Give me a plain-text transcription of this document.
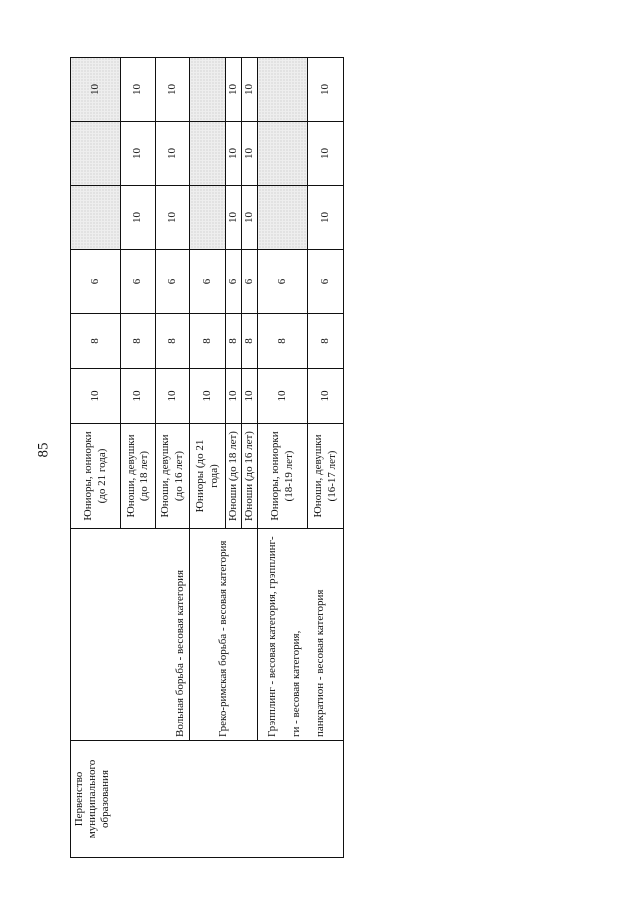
85
Первенство муниципального образования	Вольная борьба - весовая категория	Юниоры, юниорки (до 21 года)	10	8	6			10
		Юноши, девушки (до 18 лет)	10	8	6	10	10	10
		Юноши, девушки (до 16 лет)	10	8	6	10	10	10
	Греко-римская борьба - весовая категория	Юниоры (до 21 года)	10	8	6			
		Юноши (до 18 лет)	10	8	6	10	10	10
		Юноши (до 16 лет)	10	8	6	10	10	10
	Грэпплинг - весовая категория, грэпплинг-ги - весовая категория, панкратион - весовая категория	Юниоры, юниорки (18-19 лет)	10	8	6			
		Юноши, девушки (16-17 лет)	10	8	6	10	10	10
